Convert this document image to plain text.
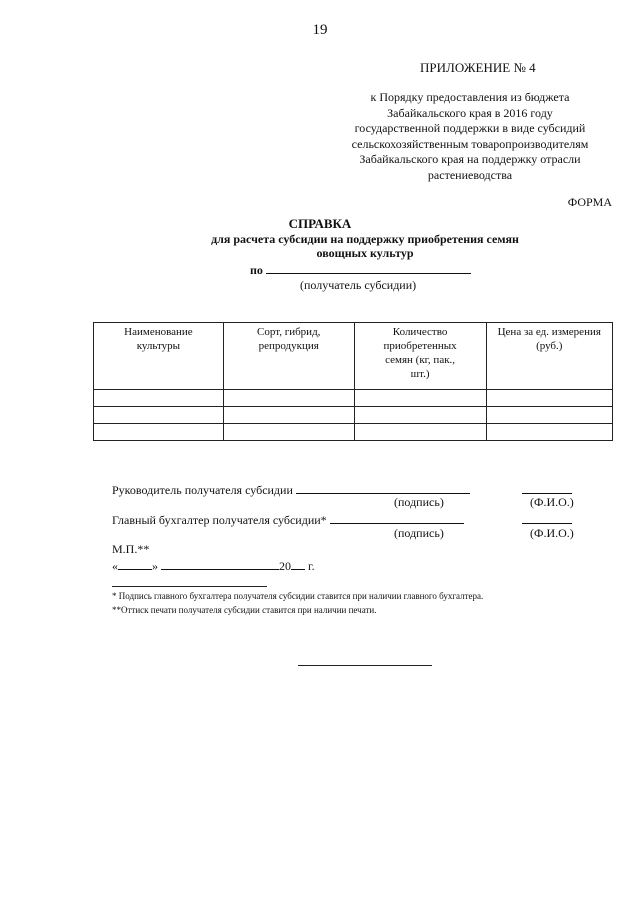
19
ПРИЛОЖЕНИЕ № 4
к Порядку предоставления из бюджета
Забайкальского края в 2016 году
государственной поддержки в виде субсидий
сельскохозяйственным товаропроизводителям
Забайкальского края на поддержку отрасли
растениеводства
ФОРМА
СПРАВКА
для расчета субсидии на поддержку приобретения семян
овощных культур
по
(получатель субсидии)
Наименование культуры	Сорт, гибрид, репродукция	Количество приобретенных семян (кг, пак., шт.)	Цена за ед. измерения (руб.)

Руководитель получателя субсидии
(подпись)	(Ф.И.О.)
Главный бухгалтер получателя субсидии*
(подпись)	(Ф.И.О.)
М.П.**
«	»	20 г.
* Подпись главного бухгалтера получателя субсидии ставится при наличии главного бухгалтера.
**Оттиск печати получателя субсидии ставится при наличии печати.
